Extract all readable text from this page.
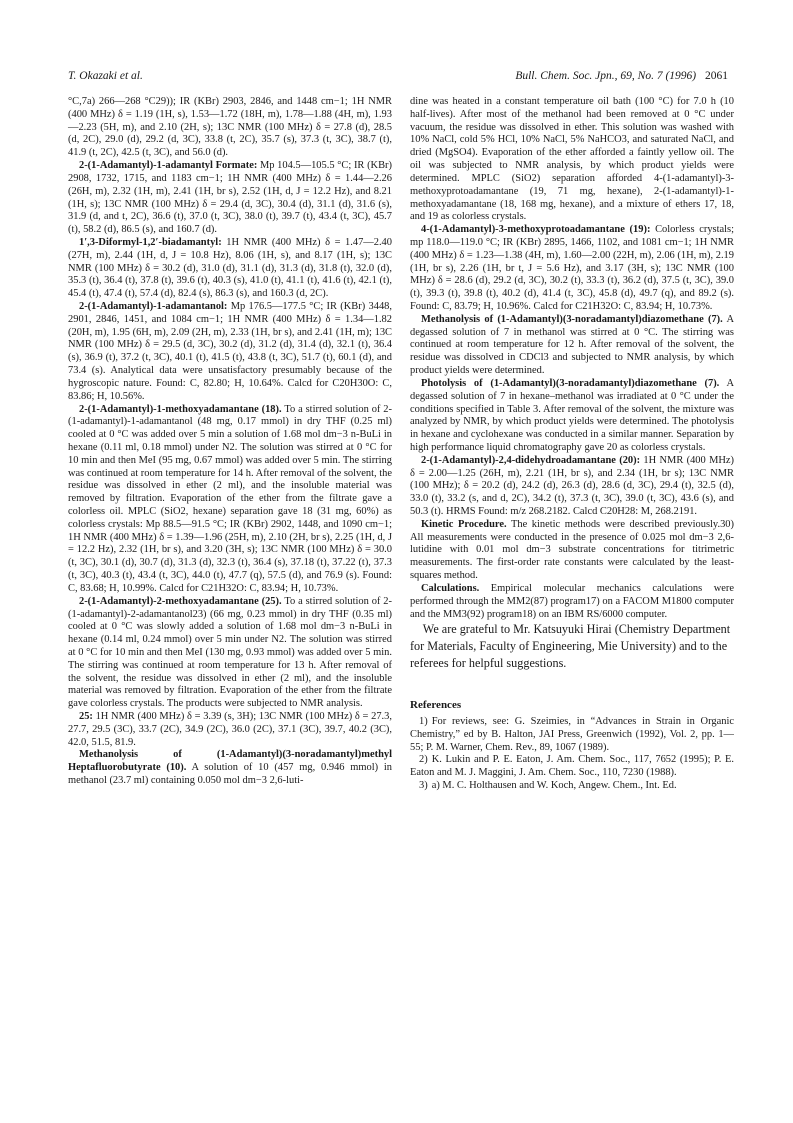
T. Okazaki et al.	Bull. Chem. Soc. Jpn., 69, No. 7 (1996) 2061

°C,7a) 266—268 °C29)); IR (KBr) 2903, 2846, and 1448 cm−1; 1H NMR (400 MHz) δ = 1.19 (1H, s), 1.53—1.72 (18H, m), 1.78—1.88 (4H, m), 1.93—2.23 (5H, m), and 2.10 (2H, s); 13C NMR (100 MHz) δ = 27.8 (d), 28.5 (d, 2C), 29.0 (d), 29.2 (d, 3C), 33.8 (t, 2C), 35.7 (s), 37.3 (t, 3C), 38.7 (t), 41.9 (t, 2C), 42.5 (t, 3C), and 56.0 (d).

2-(1-Adamantyl)-1-adamantyl Formate: Mp 104.5—105.5 °C; IR (KBr) 2908, 1732, 1715, and 1183 cm−1; 1H NMR (400 MHz) δ = 1.44—2.26 (26H, m), 2.32 (1H, m), 2.41 (1H, br s), 2.52 (1H, d, J = 12.2 Hz), and 8.21 (1H, s); 13C NMR (100 MHz) δ = 29.4 (d, 3C), 30.4 (d), 31.1 (d), 31.6 (s), 31.9 (d, and t, 2C), 36.6 (t), 37.0 (t, 3C), 38.0 (t), 39.7 (t), 43.4 (t, 3C), 45.7 (t), 58.2 (d), 86.5 (s), and 160.7 (d).

1′,3-Diformyl-1,2′-biadamantyl: 1H NMR (400 MHz) δ = 1.47—2.40 (27H, m), 2.44 (1H, d, J = 10.8 Hz), 8.06 (1H, s), and 8.17 (1H, s); 13C NMR (100 MHz) δ = 30.2 (d), 31.0 (d), 31.1 (d), 31.3 (d), 31.8 (t), 32.0 (d), 35.3 (t), 36.4 (t), 37.8 (t), 39.6 (t), 40.3 (s), 41.0 (t), 41.1 (t), 41.6 (t), 42.1 (t), 45.4 (t), 47.4 (t), 57.4 (d), 82.4 (s), 86.3 (s), and 160.3 (d, 2C).

2-(1-Adamantyl)-1-adamantanol: Mp 176.5—177.5 °C; IR (KBr) 3448, 2901, 2846, 1451, and 1084 cm−1; 1H NMR (400 MHz) δ = 1.34—1.82 (20H, m), 1.95 (6H, m), 2.09 (2H, m), 2.33 (1H, br s), and 2.41 (1H, m); 13C NMR (100 MHz) δ = 29.5 (d, 3C), 30.2 (d), 31.2 (d), 31.4 (d), 32.1 (t), 36.4 (s), 36.9 (t), 37.2 (t, 3C), 40.1 (t), 41.5 (t), 43.8 (t, 3C), 51.7 (t), 60.1 (d), and 73.4 (s). Analytical data were unsatisfactory presumably because of the hygroscopic nature. Found: C, 82.80; H, 10.64%. Calcd for C20H30O: C, 83.86; H, 10.56%.

2-(1-Adamantyl)-1-methoxyadamantane (18). To a stirred solution of 2-(1-adamantyl)-1-adamantanol (48 mg, 0.17 mmol) in dry THF (0.25 ml) cooled at 0 °C was added over 5 min a solution of 1.68 mol dm−3 n-BuLi in hexane (0.11 ml, 0.18 mmol) under N2. The solution was stirred at 0 °C for 10 min and then MeI (95 mg, 0.67 mmol) was added over 5 min. The stirring was continued at room temperature for 14 h. After removal of the solvent, the residue was dissolved in ether (2 ml), and the insoluble material was removed by filtration. Evaporation of the ether from the filtrate gave a colorless oil. MPLC (SiO2, hexane) separation gave 18 (31 mg, 60%) as colorless crystals: Mp 88.5—91.5 °C; IR (KBr) 2902, 1448, and 1090 cm−1; 1H NMR (400 MHz) δ = 1.39—1.96 (25H, m), 2.10 (2H, br s), 2.25 (1H, d, J = 12.2 Hz), 2.32 (1H, br s), and 3.20 (3H, s); 13C NMR (100 MHz) δ = 30.0 (t, 3C), 30.1 (d), 30.7 (d), 31.3 (d), 32.3 (t), 36.4 (s), 37.18 (t), 37.22 (t), 37.3 (t, 3C), 40.3 (t), 43.4 (t, 3C), 44.0 (t), 47.7 (q), 57.5 (d), and 76.9 (s). Found: C, 83.68; H, 10.99%. Calcd for C21H32O: C, 83.94; H, 10.73%.

2-(1-Adamantyl)-2-methoxyadamantane (25). To a stirred solution of 2-(1-adamantyl)-2-adamantanol23) (66 mg, 0.23 mmol) in dry THF (0.35 ml) cooled at 0 °C was slowly added a solution of 1.68 mol dm−3 n-BuLi in hexane (0.14 ml, 0.24 mmol) over 5 min under N2. The solution was stirred at 0 °C for 10 min and then MeI (130 mg, 0.93 mmol) was added over 5 min. The stirring was continued at room temperature for 13 h. After removal of the solvent, the residue was dissolved in ether (2 ml), and the insoluble material was removed by filtration. Evaporation of the ether from the filtrate gave colorless crystals. The products were subjected to NMR analysis.

25: 1H NMR (400 MHz) δ = 3.39 (s, 3H); 13C NMR (100 MHz) δ = 27.3, 27.7, 29.5 (3C), 33.7 (2C), 34.9 (2C), 36.0 (2C), 37.1 (3C), 39.7, 40.2 (3C), 42.0, 51.5, 81.9.

Methanolysis of (1-Adamantyl)(3-noradamantyl)methyl Heptafluorobutyrate (10). A solution of 10 (457 mg, 0.946 mmol) in methanol (23.7 ml) containing 0.050 mol dm−3 2,6-luti-

dine was heated in a constant temperature oil bath (100 °C) for 7.0 h (10 half-lives). After most of the methanol had been removed at 0 °C under vacuum, the residue was dissolved in ether. This solution was washed with 10% NaCl, cold 5% HCl, 10% NaCl, 5% NaHCO3, and saturated NaCl, and dried (MgSO4). Evaporation of the ether afforded a faintly yellow oil. The oil was subjected to NMR analysis, by which product yields were determined. MPLC (SiO2) separation afforded 4-(1-adamantyl)-3-methoxyprotoadamantane (19, 71 mg, hexane), 2-(1-adamantyl)-1-methoxyadamantane (18, 168 mg, hexane), and a mixture of ethers 17, 18, and 19 as colorless crystals.

4-(1-Adamantyl)-3-methoxyprotoadamantane (19): Colorless crystals; mp 118.0—119.0 °C; IR (KBr) 2895, 1466, 1102, and 1081 cm−1; 1H NMR (400 MHz) δ = 1.23—1.38 (4H, m), 1.60—2.00 (22H, m), 2.06 (1H, m), 2.19 (1H, br s), 2.26 (1H, br t, J = 5.6 Hz), and 3.17 (3H, s); 13C NMR (100 MHz) δ = 28.6 (d), 29.2 (d, 3C), 30.2 (t), 33.3 (t), 36.2 (d), 37.5 (t, 3C), 39.0 (t), 39.3 (t), 39.8 (t), 40.2 (d), 41.4 (t, 3C), 45.8 (d), 49.7 (q), and 89.2 (s). Found: C, 83.79; H, 10.96%. Calcd for C21H32O: C, 83.94; H, 10.73%.

Methanolysis of (1-Adamantyl)(3-noradamantyl)diazomethane (7). A degassed solution of 7 in methanol was stirred at 0 °C. The stirring was continued at room temperature for 12 h. After removal of the solvent, the residue was dissolved in CDCl3 and subjected to NMR analysis, by which product yields were determined.

Photolysis of (1-Adamantyl)(3-noradamantyl)diazomethane (7). A degassed solution of 7 in hexane–methanol was irradiated at 0 °C under the conditions specified in Table 3. After removal of the solvent, the mixture was analyzed by NMR, by which product yields were determined. The photolysis in hexane and cyclohexane was conducted in a similar manner. Separation by high performance liquid chromatography gave 20 as colorless crystals.

2-(1-Adamantyl)-2,4-didehydroadamantane (20): 1H NMR (400 MHz) δ = 2.00—1.25 (26H, m), 2.21 (1H, br s), and 2.34 (1H, br s); 13C NMR (100 MHz); δ = 20.2 (d), 24.2 (d), 26.3 (d), 28.6 (d, 3C), 29.4 (t), 32.5 (d), 33.0 (t), 33.2 (s, and d, 2C), 34.2 (t), 37.3 (t, 3C), 39.0 (t, 3C), 43.6 (s), and 50.3 (t). HRMS Found: m/z 268.2182. Calcd C20H28: M, 268.2191.

Kinetic Procedure. The kinetic methods were described previously.30) All measurements were conducted in the presence of 0.025 mol dm−3 2,6-lutidine with 0.01 mol dm−3 substrate concentrations for titrimetric measurements. The first-order rate constants were calculated by the least-squares method.

Calculations. Empirical molecular mechanics calculations were performed through the MM2(87) program17) on a FACOM M1800 computer and the MM3(92) program18) on an IBM RS/6000 computer.

We are grateful to Mr. Katsuyuki Hirai (Chemistry Department for Materials, Faculty of Engineering, Mie University) and to the referees for helpful suggestions.

References

1) For reviews, see: G. Szeimies, in “Advances in Strain in Organic Chemistry,” ed by B. Halton, JAI Press, Greenwich (1992), Vol. 2, pp. 1—55; P. M. Warner, Chem. Rev., 89, 1067 (1989).

2) K. Lukin and P. E. Eaton, J. Am. Chem. Soc., 117, 7652 (1995); P. E. Eaton and M. J. Maggini, J. Am. Chem. Soc., 110, 7230 (1988).

3) a) M. C. Holthausen and W. Koch, Angew. Chem., Int. Ed.
